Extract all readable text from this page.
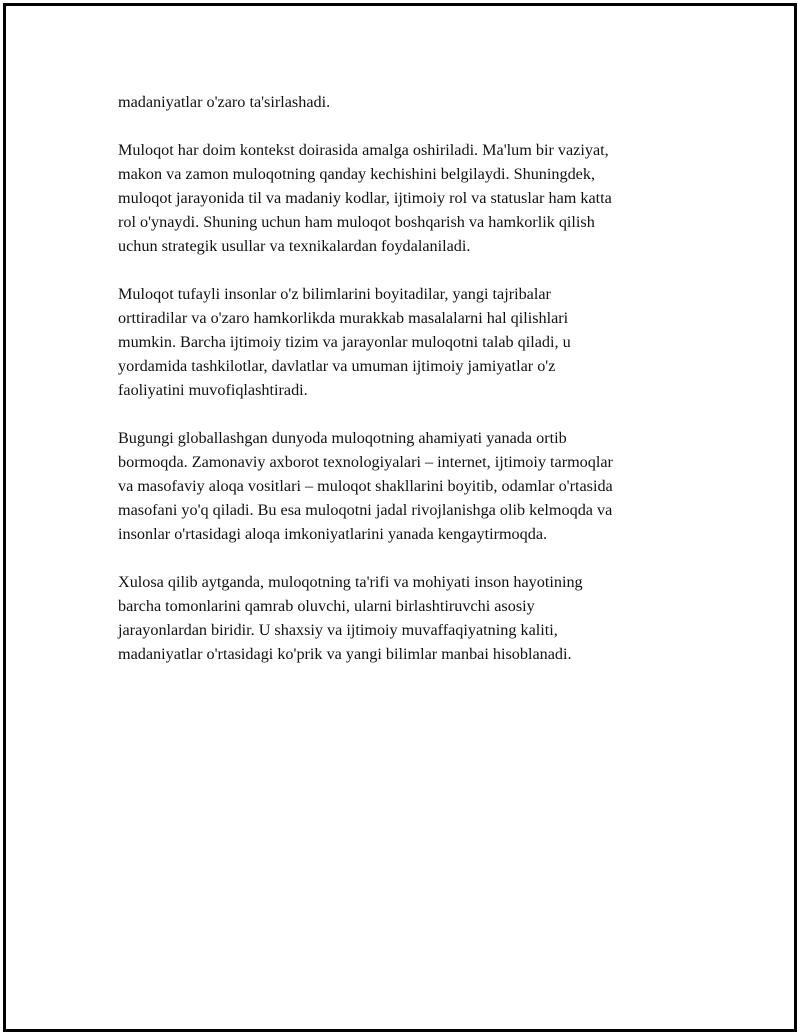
madaniyatlar o'zaro ta'sirlashadi.

Muloqot har doim kontekst doirasida amalga oshiriladi. Ma'lum bir vaziyat,
makon va zamon muloqotning qanday kechishini belgilaydi. Shuningdek,
muloqot jarayonida til va madaniy kodlar, ijtimoiy rol va statuslar ham katta
rol o'ynaydi. Shuning uchun ham muloqot boshqarish va hamkorlik qilish
uchun strategik usullar va texnikalardan foydalaniladi.

Muloqot tufayli insonlar o'z bilimlarini boyitadilar, yangi tajribalar
orttiradilar va o'zaro hamkorlikda murakkab masalalarni hal qilishlari
mumkin. Barcha ijtimoiy tizim va jarayonlar muloqotni talab qiladi, u
yordamida tashkilotlar, davlatlar va umuman ijtimoiy jamiyatlar o'z
faoliyatini muvofiqlashtiradi.

Bugungi globallashgan dunyoda muloqotning ahamiyati yanada ortib
bormoqda. Zamonaviy axborot texnologiyalari – internet, ijtimoiy tarmoqlar
va masofaviy aloqa vositlari – muloqot shakllarini boyitib, odamlar o'rtasida
masofani yo'q qiladi. Bu esa muloqotni jadal rivojlanishga olib kelmoqda va
insonlar o'rtasidagi aloqa imkoniyatlarini yanada kengaytirmoqda.

Xulosa qilib aytganda, muloqotning ta'rifi va mohiyati inson hayotining
barcha tomonlarini qamrab oluvchi, ularni birlashtiruvchi asosiy
jarayonlardan biridir. U shaxsiy va ijtimoiy muvaffaqiyatning kaliti,
madaniyatlar o'rtasidagi ko'prik va yangi bilimlar manbai hisoblanadi.
